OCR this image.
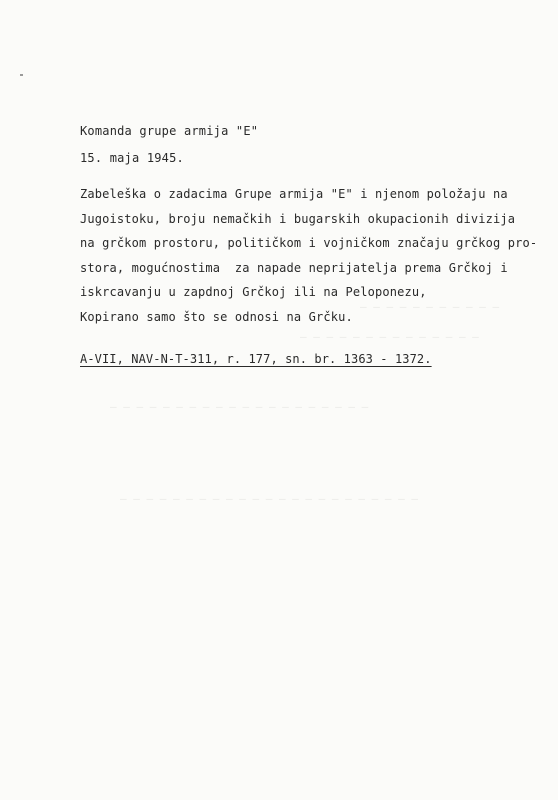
— — — — — — — — — — —
— — — — — — — — — — — — — —
— — — — — — — — — — — — — — — — — — — —
— — — — — — — — — — — — — — — — — — — — — — —
Komanda grupe armija "E"
15. maja 1945.
Zabeleška o zadacima Grupe armija "E" i njenom položaju na
Jugoistoku, broju nemačkih i bugarskih okupacionih divizija
na grčkom prostoru, političkom i vojničkom značaju grčkog pro-
stora, mogućnostima  za napade neprijatelja prema Grčkoj i
iskrcavanju u zapdnoj Grčkoj ili na Peloponezu,
Kopirano samo što se odnosi na Grčku.
A-VII, NAV-N-T-311, r. 177, sn. br. 1363 - 1372.
